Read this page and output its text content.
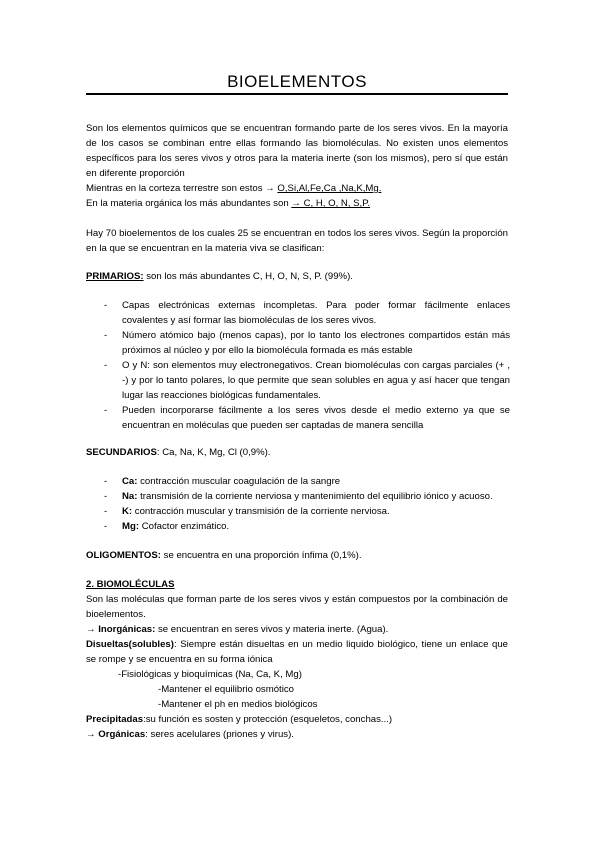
BIOELEMENTOS
Son los elementos químicos que se encuentran formando parte de los seres vivos. En la mayoría de los casos se combinan entre ellas formando las biomoléculas. No existen unos elementos específicos para los seres vivos y otros para la materia inerte (son los mismos), pero sí que están en diferente proporción
Mientras en la corteza terrestre son estos → O,Si,Al,Fe,Ca ,Na,K,Mg.
En la materia orgánica los más abundantes son → C, H, O, N, S,P.
Hay 70 bioelementos de los cuales 25 se encuentran en todos los seres vivos. Según la proporción en la que se encuentran en la materia viva se clasifican:
PRIMARIOS: son los más abundantes C, H, O, N, S, P. (99%).
- Capas electrónicas externas incompletas. Para poder formar fácilmente enlaces covalentes y así formar las biomoléculas de los seres vivos.
- Número atómico bajo (menos capas), por lo tanto los electrones compartidos están más próximos al núcleo y por ello la biomolécula formada es más estable
- O y N: son elementos muy electronegativos. Crean biomoléculas con cargas parciales (+ , -) y por lo tanto polares, lo que permite que sean solubles en agua y así hacer que tengan lugar las reacciones biológicas fundamentales.
- Pueden incorporarse fácilmente a los seres vivos desde el medio externo ya que se encuentran en moléculas que pueden ser captadas de manera sencilla
SECUNDARIOS: Ca, Na, K, Mg, Cl (0,9%).
- Ca: contracción muscular coagulación de la sangre
- Na: transmisión de la corriente nerviosa y mantenimiento del equilibrio iónico y acuoso.
- K: contracción muscular y transmisión de la corriente nerviosa.
- Mg: Cofactor enzimático.
OLIGOMENTOS: se encuentra en una proporción ínfima (0,1%).
2. BIOMOLÉCULAS
Son las moléculas que forman parte de los seres vivos y están compuestos por la combinación de bioelementos.
→ Inorgánicas: se encuentran en seres vivos y materia inerte. (Agua).
Disueltas(solubles): Siempre están disueltas en un medio liquido biológico, tiene un enlace que se rompe y se encuentra en su forma iónica
-Fisiológicas y bioquímicas (Na, Ca, K, Mg)
-Mantener el equilibrio osmótico
-Mantener el ph en medios biológicos
Precipitadas:su función es sosten y protección (esqueletos, conchas...)
→ Orgánicas: seres acelulares (priones y virus).
